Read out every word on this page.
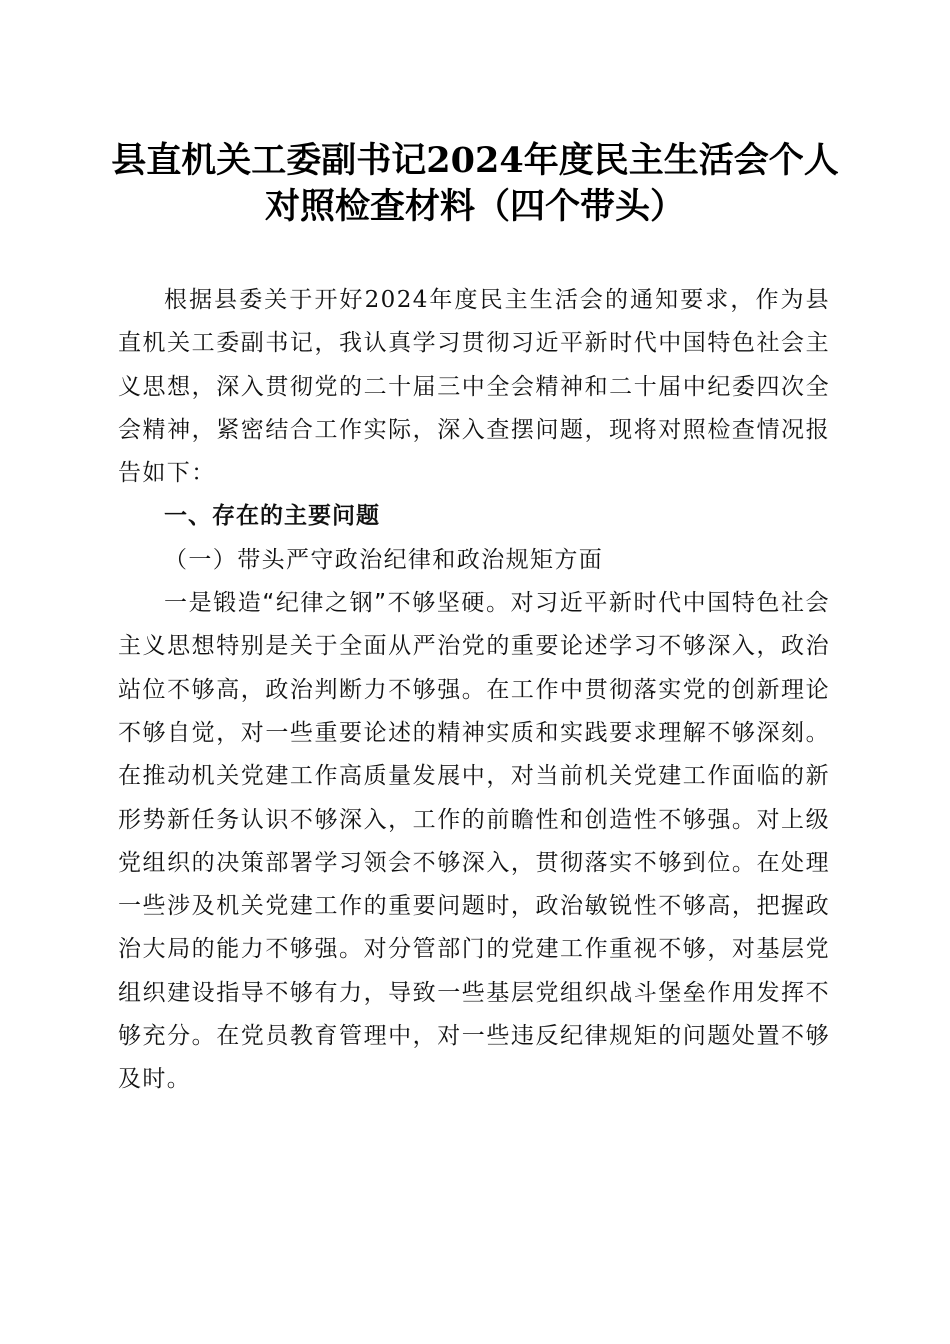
县直机关工委副书记2024年度民主生活会个人对照检查材料（四个带头）

根据县委关于开好2024年度民主生活会的通知要求，作为县直机关工委副书记，我认真学习贯彻习近平新时代中国特色社会主义思想，深入贯彻党的二十届三中全会精神和二十届中纪委四次全会精神，紧密结合工作实际，深入查摆问题，现将对照检查情况报告如下：

一、存在的主要问题

（一）带头严守政治纪律和政治规矩方面

一是锻造“纪律之钢”不够坚硬。对习近平新时代中国特色社会主义思想特别是关于全面从严治党的重要论述学习不够深入，政治站位不够高，政治判断力不够强。在工作中贯彻落实党的创新理论不够自觉，对一些重要论述的精神实质和实践要求理解不够深刻。在推动机关党建工作高质量发展中，对当前机关党建工作面临的新形势新任务认识不够深入，工作的前瞻性和创造性不够强。对上级党组织的决策部署学习领会不够深入，贯彻落实不够到位。在处理一些涉及机关党建工作的重要问题时，政治敏锐性不够高，把握政治大局的能力不够强。对分管部门的党建工作重视不够，对基层党组织建设指导不够有力，导致一些基层党组织战斗堡垒作用发挥不够充分。在党员教育管理中，对一些违反纪律规矩的问题处置不够及时。
